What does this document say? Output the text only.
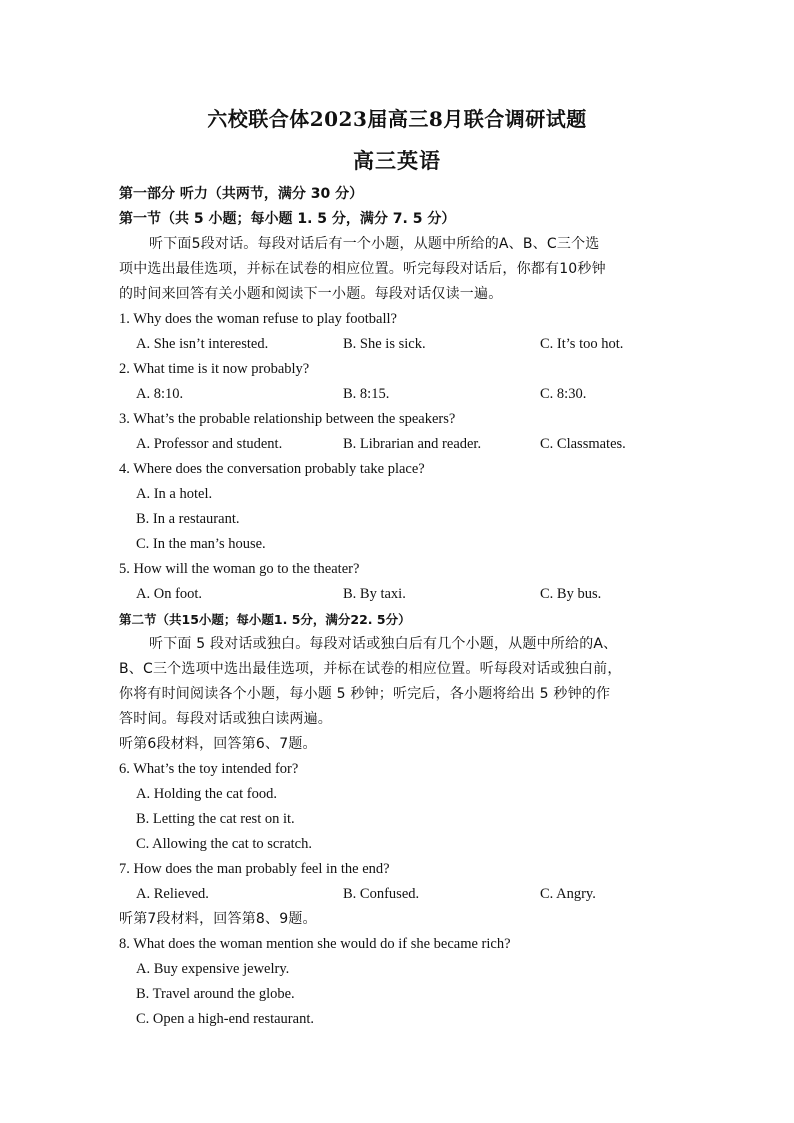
六校联合体2023届高三8月联合调研试题
高三英语
第一部分 听力（共两节，满分 30 分）
第一节（共 5 小题；每小题 1. 5 分，满分 7. 5 分）
听下面5段对话。每段对话后有一个小题，从题中所给的A、B、C三个选
项中选出最佳选项，并标在试卷的相应位置。听完每段对话后，你都有10秒钟
的时间来回答有关小题和阅读下一小题。每段对话仅读一遍。
1. Why does the woman refuse to play football?
A. She isn’t interested.	B. She is sick.	C. It’s too hot.
2. What time is it now probably?
A. 8:10.	B. 8:15.	C. 8:30.
3. What’s the probable relationship between the speakers?
A. Professor and student.	B. Librarian and reader.	C. Classmates.
4. Where does the conversation probably take place?
A. In a hotel.
B. In a restaurant.
C. In the man’s house.
5. How will the woman go to the theater?
A. On foot.	B. By taxi.	C. By bus.
第二节（共15小题；每小题1. 5分，满分22. 5分）
听下面 5 段对话或独白。每段对话或独白后有几个小题，从题中所给的A、
B、C三个选项中选出最佳选项，并标在试卷的相应位置。听每段对话或独白前，
你将有时间阅读各个小题，每小题 5 秒钟；听完后，各小题将给出 5 秒钟的作
答时间。每段对话或独白读两遍。
听第6段材料，回答第6、7题。
6. What’s the toy intended for?
A. Holding the cat food.
B. Letting the cat rest on it.
C. Allowing the cat to scratch.
7. How does the man probably feel in the end?
A. Relieved.	B. Confused.	C. Angry.
听第7段材料，回答第8、9题。
8. What does the woman mention she would do if she became rich?
A. Buy expensive jewelry.
B. Travel around the globe.
C. Open a high-end restaurant.
